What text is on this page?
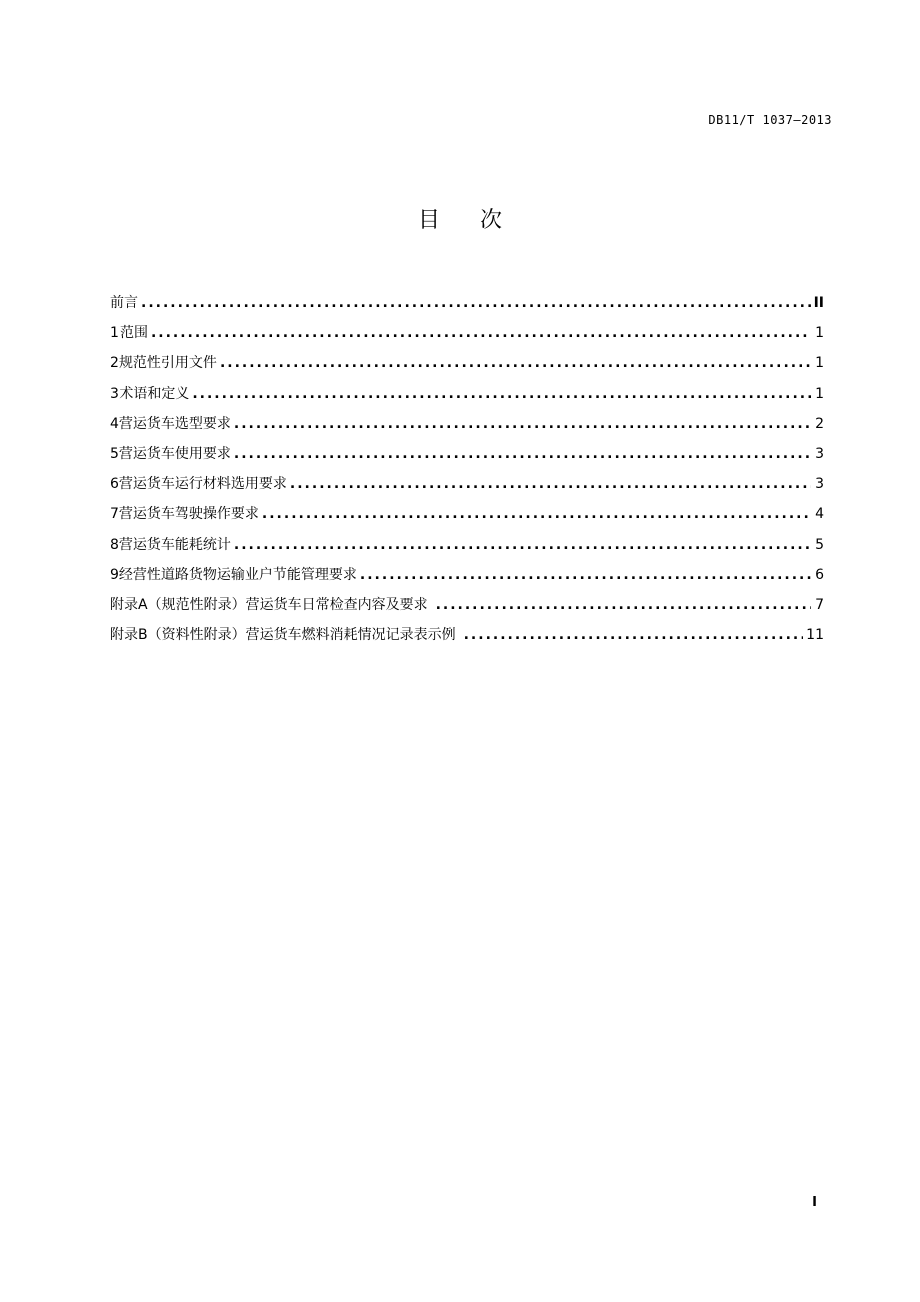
DB11/T 1037—2013
目次
前言 .....	II
1 范围 .....	1
2 规范性引用文件 .....	1
3 术语和定义 .....	1
4 营运货车选型要求 .....	2
5 营运货车使用要求 .....	3
6 营运货车运行材料选用要求 .....	3
7 营运货车驾驶操作要求 .....	4
8 营运货车能耗统计 .....	5
9 经营性道路货物运输业户节能管理要求 .....	6
附录A（规范性附录）营运货车日常检查内容及要求 .....	7
附录B（资料性附录）营运货车燃料消耗情况记录表示例 .....	11
I
